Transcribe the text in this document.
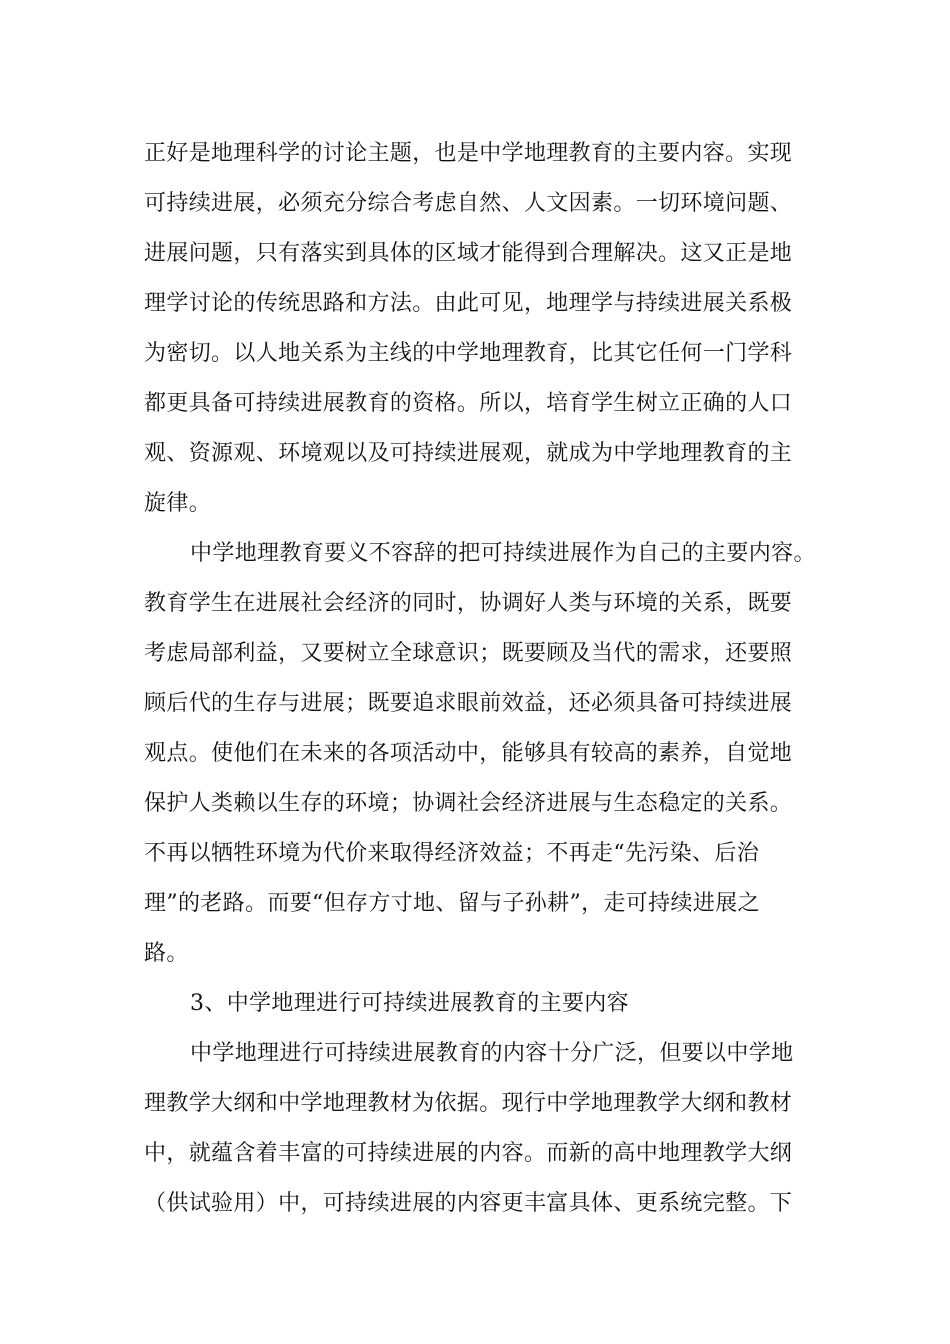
正好是地理科学的讨论主题，也是中学地理教育的主要内容。实现
可持续进展，必须充分综合考虑自然、人文因素。一切环境问题、
进展问题，只有落实到具体的区域才能得到合理解决。这又正是地
理学讨论的传统思路和方法。由此可见，地理学与持续进展关系极
为密切。以人地关系为主线的中学地理教育，比其它任何一门学科
都更具备可持续进展教育的资格。所以，培育学生树立正确的人口
观、资源观、环境观以及可持续进展观，就成为中学地理教育的主
旋律。
中学地理教育要义不容辞的把可持续进展作为自己的主要内容。
教育学生在进展社会经济的同时，协调好人类与环境的关系，既要
考虑局部利益，又要树立全球意识；既要顾及当代的需求，还要照
顾后代的生存与进展；既要追求眼前效益，还必须具备可持续进展
观点。使他们在未来的各项活动中，能够具有较高的素养，自觉地
保护人类赖以生存的环境；协调社会经济进展与生态稳定的关系。
不再以牺牲环境为代价来取得经济效益；不再走“先污染、后治
理”的老路。而要“但存方寸地、留与子孙耕”，走可持续进展之
路。
3、中学地理进行可持续进展教育的主要内容
中学地理进行可持续进展教育的内容十分广泛，但要以中学地
理教学大纲和中学地理教材为依据。现行中学地理教学大纲和教材
中，就蕴含着丰富的可持续进展的内容。而新的高中地理教学大纲
（供试验用）中，可持续进展的内容更丰富具体、更系统完整。下
